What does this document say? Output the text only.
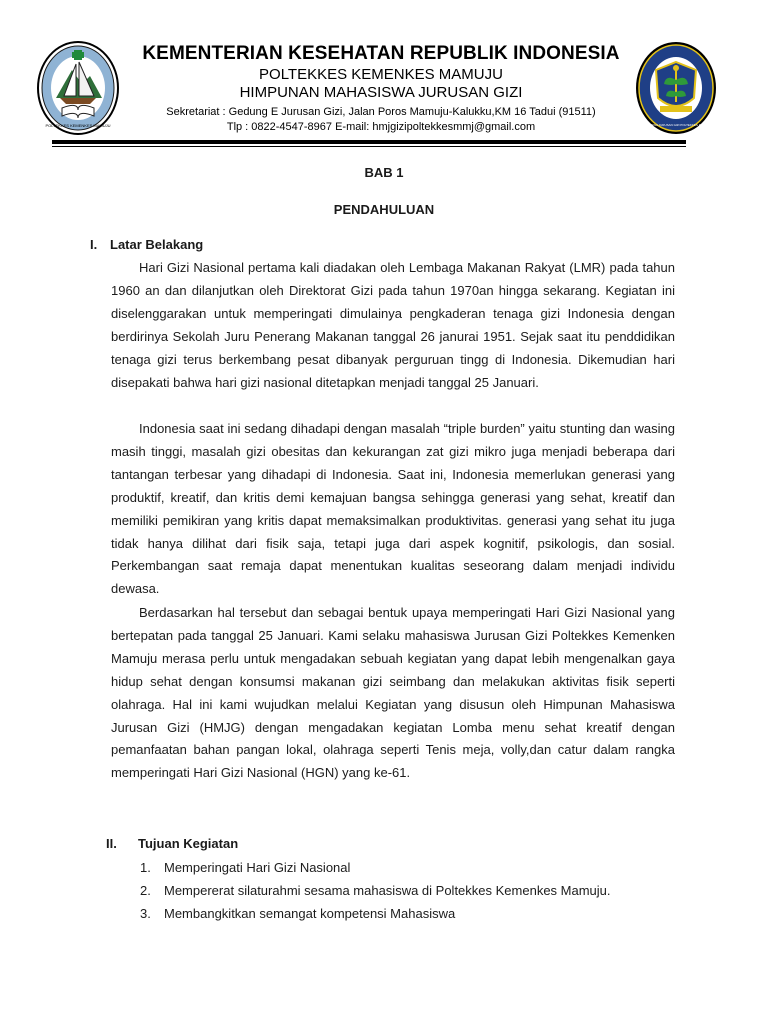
POLTEKKES KEMENKES MAMUJU
KEMENTERIAN KESEHATAN REPUBLIK INDONESIA
POLTEKKES KEMENKES MAMUJU
HIMPUNAN MAHASISWA JURUSAN GIZI
Sekretariat : Gedung E Jurusan Gizi, Jalan Poros Mamuju-Kalukku,KM 16 Tadui (91511)
Tlp : 0822-4547-8967 E-mail: hmjgizipoltekkesmmj@gmail.com	HIMPUNAN MAHASISWA JURUSAN GIZI POLTEKKES KEMENKES MAMUJU
BAB 1
PENDAHULUAN
I. Latar Belakang

Hari Gizi Nasional pertama kali diadakan oleh Lembaga Makanan Rakyat (LMR) pada tahun 1960 an dan dilanjutkan oleh Direktorat Gizi pada tahun 1970an hingga sekarang. Kegiatan ini diselenggarakan untuk memperingati dimulainya pengkaderan tenaga gizi Indonesia dengan berdirinya Sekolah Juru Penerang Makanan tanggal 26 janurai 1951. Sejak saat itu penddidikan tenaga gizi terus berkembang pesat dibanyak perguruan tingg di Indonesia. Dikemudian hari disepakati bahwa hari gizi nasional ditetapkan menjadi tanggal 25 Januari.

Indonesia saat ini sedang dihadapi dengan masalah “triple burden” yaitu stunting dan wasing masih tinggi, masalah gizi obesitas dan kekurangan zat gizi mikro juga menjadi beberapa dari tantangan terbesar yang dihadapi di Indonesia. Saat ini, Indonesia memerlukan generasi yang produktif, kreatif, dan kritis demi kemajuan bangsa sehingga generasi yang sehat, kreatif dan memiliki pemikiran yang kritis dapat memaksimalkan produktivitas. generasi yang sehat itu juga tidak hanya dilihat dari fisik saja, tetapi juga dari aspek kognitif, psikologis, dan sosial. Perkembangan saat remaja dapat menentukan kualitas seseorang dalam menjadi individu dewasa.

Berdasarkan hal tersebut dan sebagai bentuk upaya memperingati Hari Gizi Nasional yang bertepatan pada tanggal 25 Januari. Kami selaku mahasiswa Jurusan Gizi Poltekkes Kemenken Mamuju merasa perlu untuk mengadakan sebuah kegiatan yang dapat lebih mengenalkan gaya hidup sehat dengan konsumsi makanan gizi seimbang dan melakukan aktivitas fisik seperti olahraga. Hal ini kami wujudkan melalui Kegiatan yang disusun oleh Himpunan Mahasiswa Jurusan Gizi (HMJG) dengan mengadakan kegiatan Lomba menu sehat kreatif dengan pemanfaatan bahan pangan lokal, olahraga seperti Tenis meja, volly,dan catur dalam rangka memperingati Hari Gizi Nasional (HGN) yang ke-61.

II. Tujuan Kegiatan
1.	Memperingati Hari Gizi Nasional
2.	Mempererat silaturahmi sesama mahasiswa di Poltekkes Kemenkes Mamuju.
3.	Membangkitkan semangat kompetensi Mahasiswa
